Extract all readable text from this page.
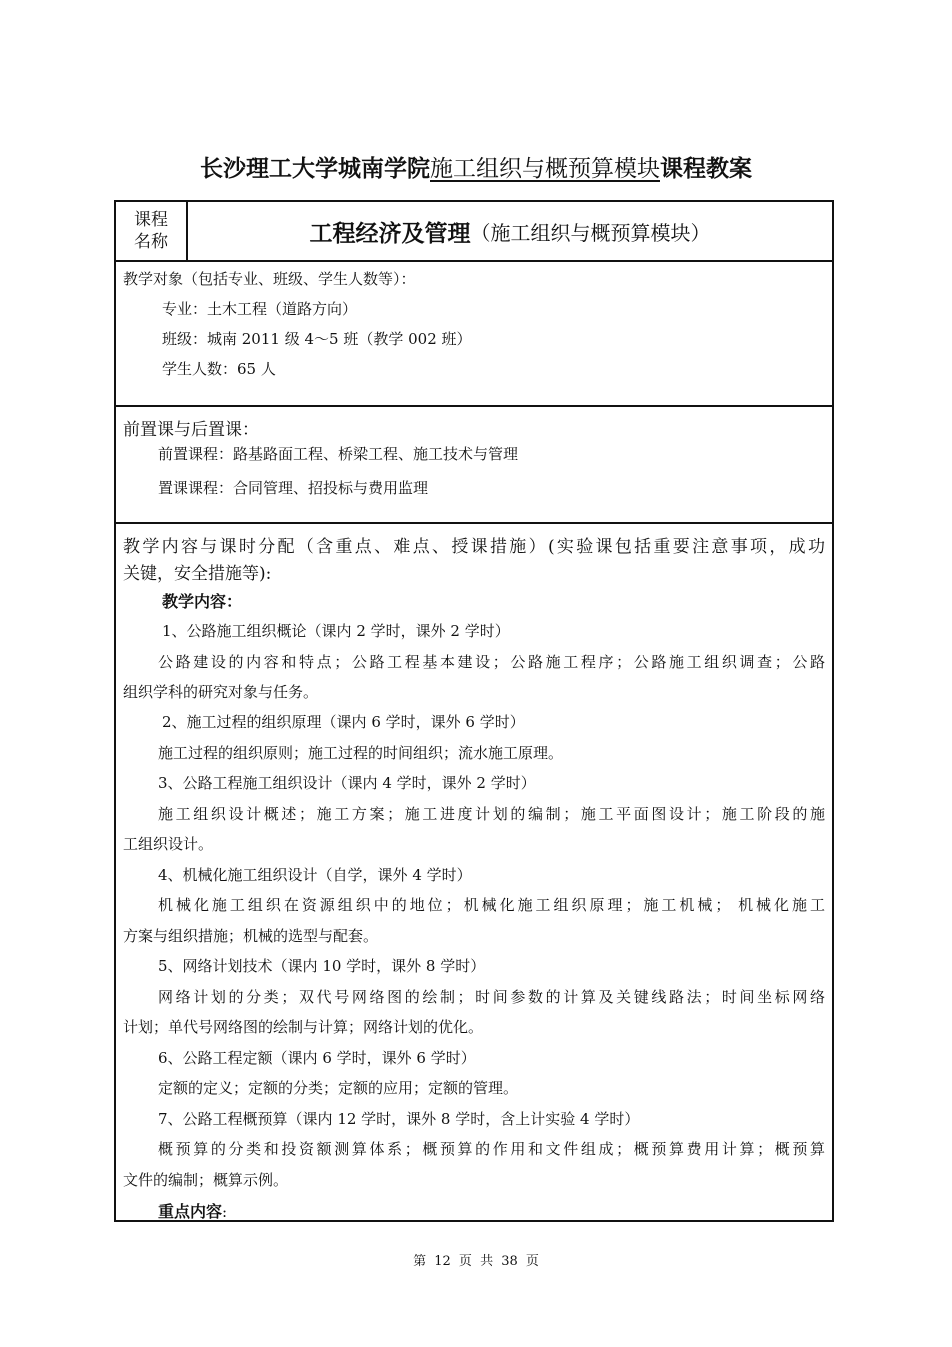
长沙理工大学城南学院施工组织与概预算模块课程教案
课程
名称	工程经济及管理 （施工组织与概预算模块）
教学对象（包括专业、班级、学生人数等）：
专业：土木工程（道路方向）
班级：城南 2011 级 4～5 班（教学 002 班）
学生人数：65 人
前置课与后置课：
前置课程：路基路面工程、桥梁工程、施工技术与管理
置课课程：合同管理、招投标与费用监理
教学内容与课时分配（含重点、难点、授课措施）(实验课包括重要注意事项，成功
关键，安全措施等):
教学内容：
1、公路施工组织概论（课内 2 学时，课外 2 学时）
公路建设的内容和特点；公路工程基本建设；公路施工程序；公路施工组织调查；公路
组织学科的研究对象与任务。
2、施工过程的组织原理（课内 6 学时，课外 6 学时）
施工过程的组织原则；施工过程的时间组织；流水施工原理。
3、公路工程施工组织设计（课内 4 学时，课外 2 学时）
施工组织设计概述；施工方案；施工进度计划的编制；施工平面图设计；施工阶段的施
工组织设计。
4、机械化施工组织设计（自学，课外 4 学时）
机械化施工组织在资源组织中的地位；机械化施工组织原理；施工机械； 机械化施工
方案与组织措施；机械的选型与配套。
5、网络计划技术（课内 10 学时，课外 8 学时）
网络计划的分类；双代号网络图的绘制；时间参数的计算及关键线路法；时间坐标网络
计划；单代号网络图的绘制与计算；网络计划的优化。
6、公路工程定额（课内 6 学时，课外 6 学时）
定额的定义；定额的分类；定额的应用；定额的管理。
7、公路工程概预算（课内 12 学时，课外 8 学时，含上计实验 4 学时）
概预算的分类和投资额测算体系；概预算的作用和文件组成；概预算费用计算；概预算
文件的编制；概算示例。
重点内容:
第 12 页 共 38 页
